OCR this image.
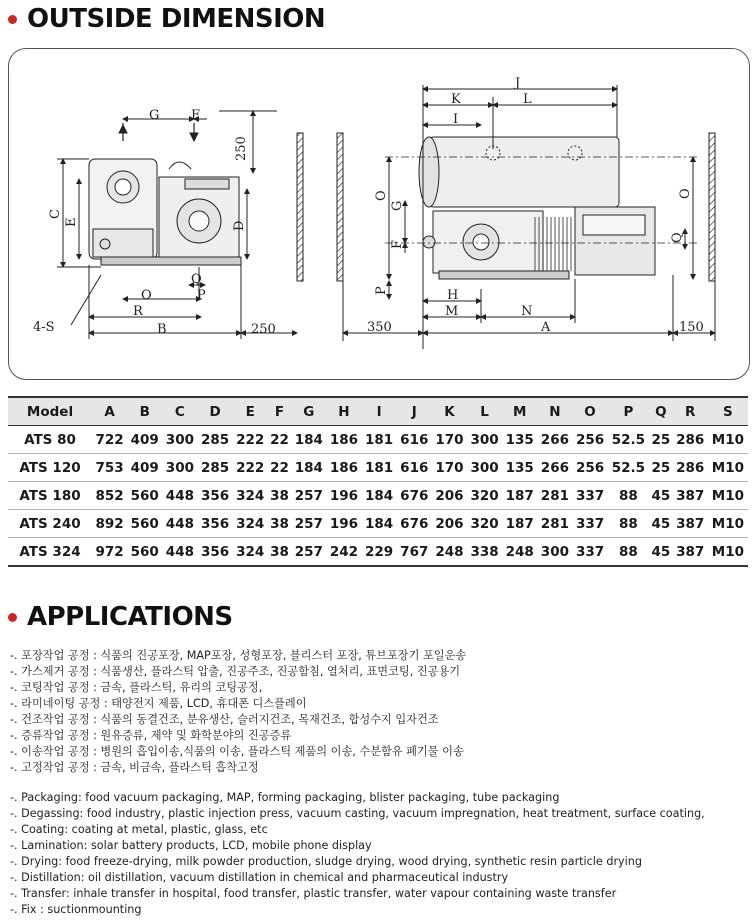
OUTSIDE DIMENSION
G F
250
C
E	D
Q
P
O
R
B	250
4-S
J
K	L
I
O
G
F
P
O
Q
H
M	N
350	A	150
Model	A	B	C	D	E	F	G	H	I	J	K	L	M	N	O	P	Q	R	S
ATS 80	722	409	300	285	222	22	184	186	181	616	170	300	135	266	256	52.5	25	286	M10
ATS 120	753	409	300	285	222	22	184	186	181	616	170	300	135	266	256	52.5	25	286	M10
ATS 180	852	560	448	356	324	38	257	196	184	676	206	320	187	281	337	88	45	387	M10
ATS 240	892	560	448	356	324	38	257	196	184	676	206	320	187	281	337	88	45	387	M10
ATS 324	972	560	448	356	324	38	257	242	229	767	248	338	248	300	337	88	45	387	M10
APPLICATIONS
-. 포장작업 공정 : 식품의 진공포장, MAP포장, 성형포장, 블리스터 포장, 튜브포장기 포일운송
-. 가스제거 공정 : 식품생산, 플라스틱 압출, 진공주조, 진공함침, 열처리, 표면코팅, 진공용기
-. 코팅작업 공정 : 금속, 플라스틱, 유리의 코팅공정,
-. 라미네이팅 공정 : 태양전지 제품, LCD, 휴대폰 디스플레이
-. 건조작업 공정 : 식품의 동결건조, 분유생산, 슬러지건조, 목재건조, 합성수지 입자건조
-. 증류작업 공정 : 원유증류, 제약 및 화학분야의 진공증류
-. 이송작업 공정 : 병원의 흡입이송,식품의 이송, 플라스틱 제품의 이송, 수분함유 폐기물 이송
-. 고정작업 공정 : 금속, 비금속, 플라스틱 흡착고정
-. Packaging: food vacuum packaging, MAP, forming packaging, blister packaging, tube packaging
-. Degassing: food industry, plastic injection press, vacuum casting, vacuum impregnation, heat treatment, surface coating,
-. Coating: coating at metal, plastic, glass, etc
-. Lamination: solar battery products, LCD, mobile phone display
-. Drying: food freeze-drying, milk powder production, sludge drying, wood drying, synthetic resin particle drying
-. Distillation: oil distillation, vacuum distillation in chemical and pharmaceutical industry
-. Transfer: inhale transfer in hospital, food transfer, plastic transfer, water vapour containing waste transfer
-. Fix : suctionmounting
